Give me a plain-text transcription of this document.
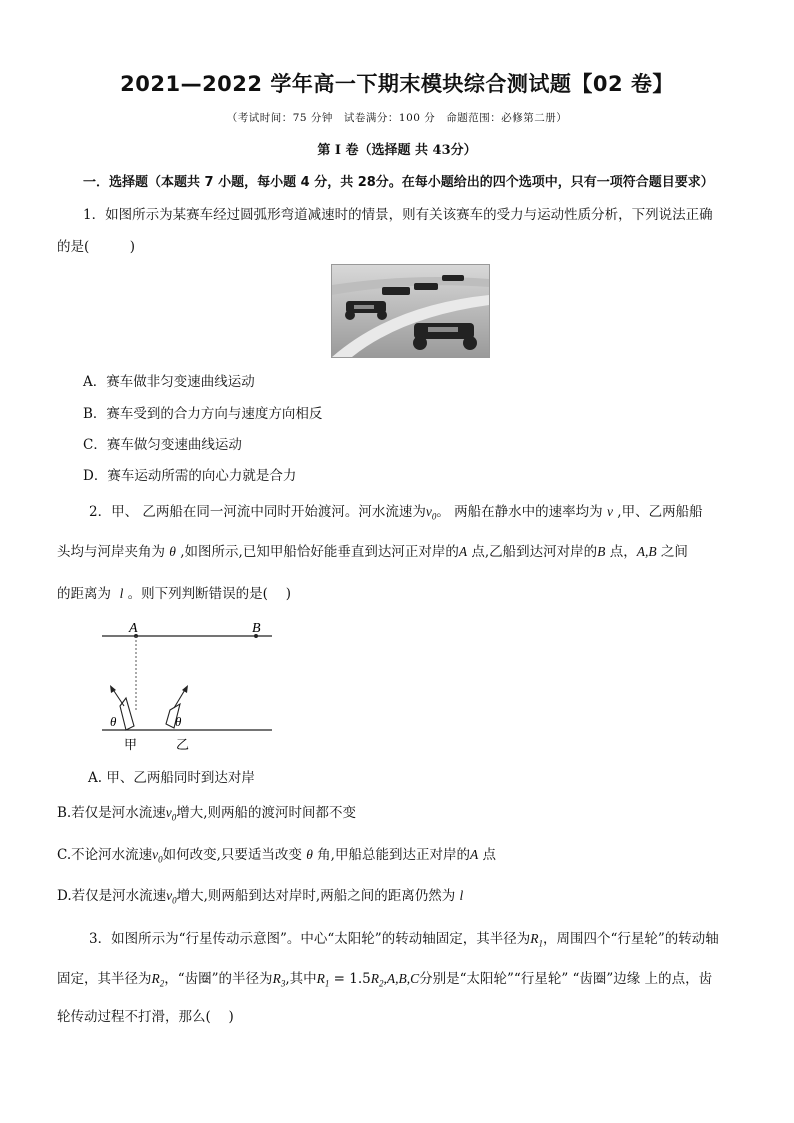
2021—2022 学年高一下期末模块综合测试题【02 卷】
（考试时间：75 分钟　试卷满分：100 分　命题范围：必修第二册）
第 I 卷（选择题 共 43分）
一．选择题（本题共 7 小题，每小题 4 分，共 28分。在每小题给出的四个选项中，只有一项符合题目要求）
1．如图所示为某赛车经过圆弧形弯道减速时的情景，则有关该赛车的受力与运动性质分析，下列说法正确
的是(　　　)
A．赛车做非匀变速曲线运动
B．赛车受到的合力方向与速度方向相反
C．赛车做匀变速曲线运动
D．赛车运动所需的向心力就是合力
2．甲、 乙两船在同一河流中同时开始渡河。河水流速为$v_0$。 两船在静水中的速率均为 v ,甲、乙两船船
头均与河岸夹角为 θ ,如图所示,已知甲船恰好能垂直到达河正对岸的A 点,乙船到达河对岸的B 点，A,B 之间
的距离为 l 。则下列判断错误的是(　 )
A	B
θ	θ
甲	乙
A. 甲、乙两船同时到达对岸
B.若仅是河水流速$v_0$增大,则两船的渡河时间都不变
C.不论河水流速$v_0$如何改变,只要适当改变 θ 角,甲船总能到达正对岸的A 点
D.若仅是河水流速$v_0$增大,则两船到达对岸时,两船之间的距离仍然为 l
3．如图所示为“行星传动示意图”。中心“太阳轮”的转动轴固定，其半径为$R_1$，周围四个“行星轮”的转动轴
固定，其半径为$R_2$，“齿圈”的半径为$R_3$,其中$R_1 = 1.5R_2,A,B,C$分别是“太阳轮”“行星轮” “齿圈”边缘 上的点，齿
轮传动过程不打滑，那么(　 )
